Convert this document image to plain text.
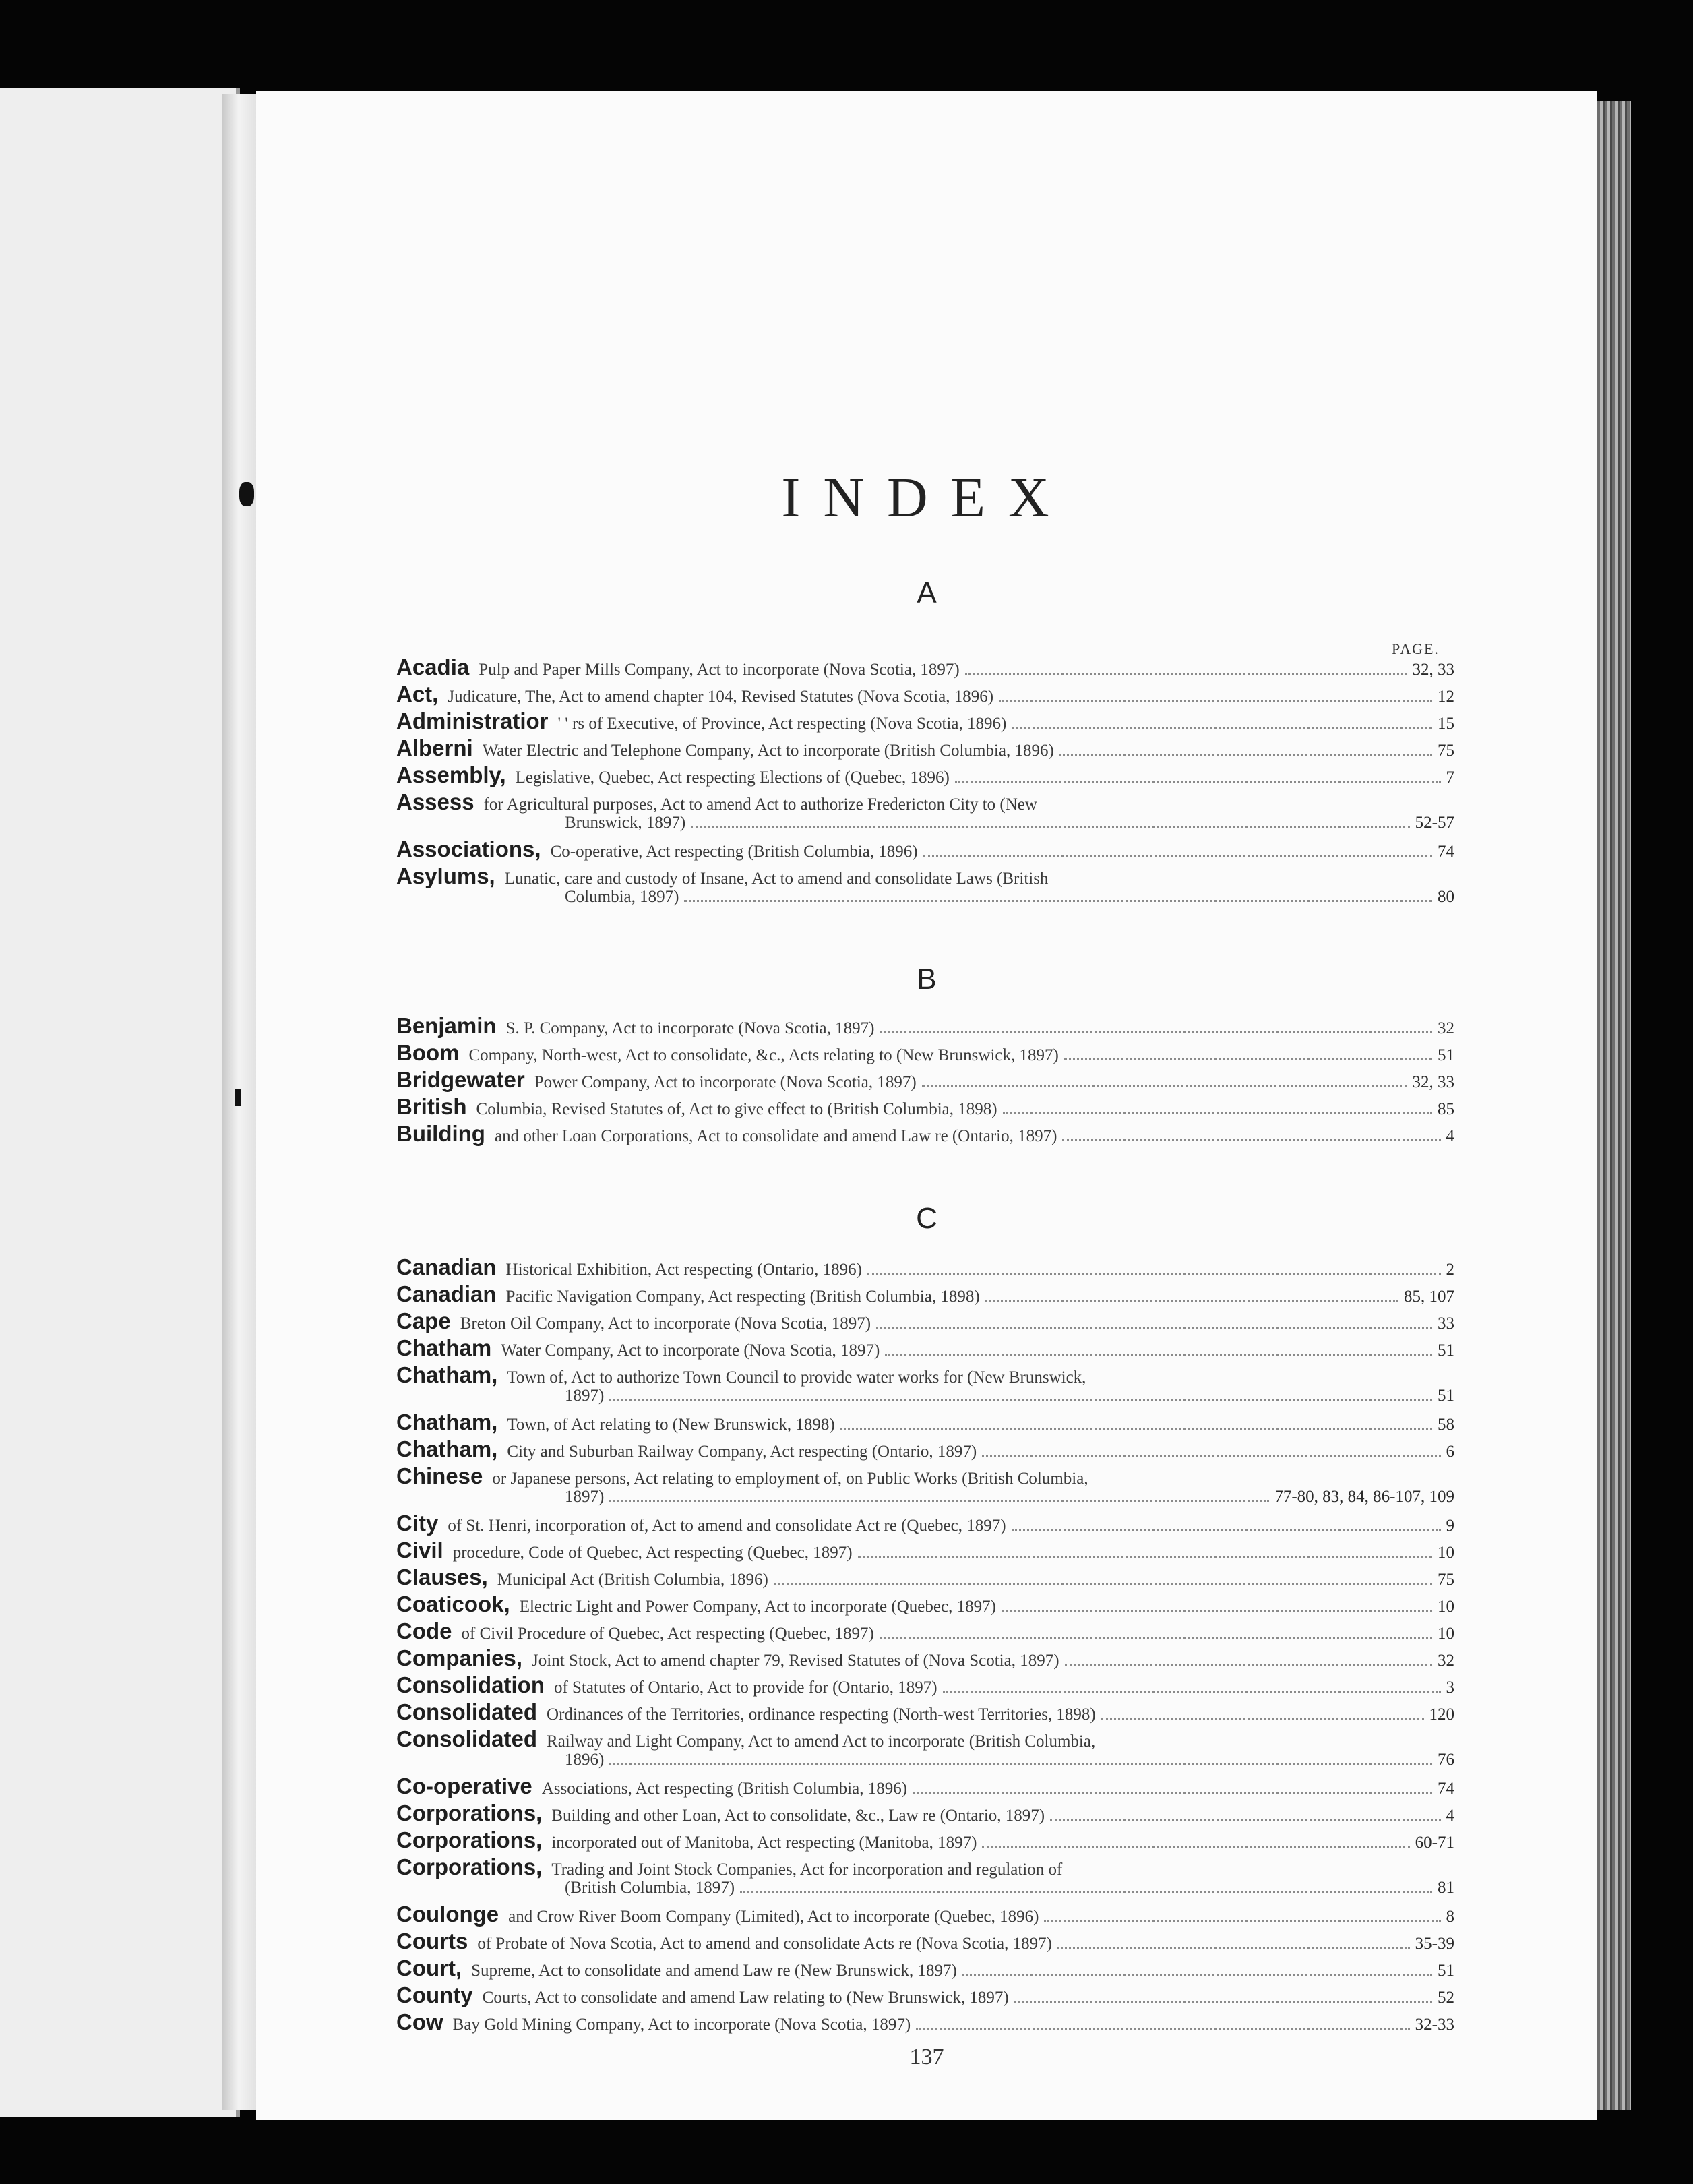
INDEX
A
PAGE.
Acadia Pulp and Paper Mills Company, Act to incorporate (Nova Scotia, 1897)	32, 33
Act, Judicature, The, Act to amend chapter 104, Revised Statutes (Nova Scotia, 1896)	12
Administratior ' ' rs of Executive, of Province, Act respecting (Nova Scotia, 1896)	15
Alberni Water Electric and Telephone Company, Act to incorporate (British Columbia, 1896)	75
Assembly, Legislative, Quebec, Act respecting Elections of (Quebec, 1896)	7
Assess for Agricultural purposes, Act to amend Act to authorize Fredericton City to (New
Brunswick, 1897)	52-57
Associations, Co-operative, Act respecting (British Columbia, 1896)	74
Asylums, Lunatic, care and custody of Insane, Act to amend and consolidate Laws (British
Columbia, 1897)	80
B
Benjamin S. P. Company, Act to incorporate (Nova Scotia, 1897)	32
Boom Company, North-west, Act to consolidate, &c., Acts relating to (New Brunswick, 1897)	51
Bridgewater Power Company, Act to incorporate (Nova Scotia, 1897)	32, 33
British Columbia, Revised Statutes of, Act to give effect to (British Columbia, 1898)	85
Building and other Loan Corporations, Act to consolidate and amend Law re (Ontario, 1897)	4
C
Canadian Historical Exhibition, Act respecting (Ontario, 1896)	2
Canadian Pacific Navigation Company, Act respecting (British Columbia, 1898)	85, 107
Cape Breton Oil Company, Act to incorporate (Nova Scotia, 1897)	33
Chatham Water Company, Act to incorporate (Nova Scotia, 1897)	51
Chatham, Town of, Act to authorize Town Council to provide water works for (New Brunswick,
1897)	51
Chatham, Town, of Act relating to (New Brunswick, 1898)	58
Chatham, City and Suburban Railway Company, Act respecting (Ontario, 1897)	6
Chinese or Japanese persons, Act relating to employment of, on Public Works (British Columbia,
1897)	77-80, 83, 84, 86-107, 109
City of St. Henri, incorporation of, Act to amend and consolidate Act re (Quebec, 1897)	9
Civil procedure, Code of Quebec, Act respecting (Quebec, 1897)	10
Clauses, Municipal Act (British Columbia, 1896)	75
Coaticook, Electric Light and Power Company, Act to incorporate (Quebec, 1897)	10
Code of Civil Procedure of Quebec, Act respecting (Quebec, 1897)	10
Companies, Joint Stock, Act to amend chapter 79, Revised Statutes of (Nova Scotia, 1897)	32
Consolidation of Statutes of Ontario, Act to provide for (Ontario, 1897)	3
Consolidated Ordinances of the Territories, ordinance respecting (North-west Territories, 1898)	120
Consolidated Railway and Light Company, Act to amend Act to incorporate (British Columbia,
1896)	76
Co-operative Associations, Act respecting (British Columbia, 1896)	74
Corporations, Building and other Loan, Act to consolidate, &c., Law re (Ontario, 1897)	4
Corporations, incorporated out of Manitoba, Act respecting (Manitoba, 1897)	60-71
Corporations, Trading and Joint Stock Companies, Act for incorporation and regulation of
(British Columbia, 1897)	81
Coulonge and Crow River Boom Company (Limited), Act to incorporate (Quebec, 1896)	8
Courts of Probate of Nova Scotia, Act to amend and consolidate Acts re (Nova Scotia, 1897)	35-39
Court, Supreme, Act to consolidate and amend Law re (New Brunswick, 1897)	51
County Courts, Act to consolidate and amend Law relating to (New Brunswick, 1897)	52
Cow Bay Gold Mining Company, Act to incorporate (Nova Scotia, 1897)	32-33
137
